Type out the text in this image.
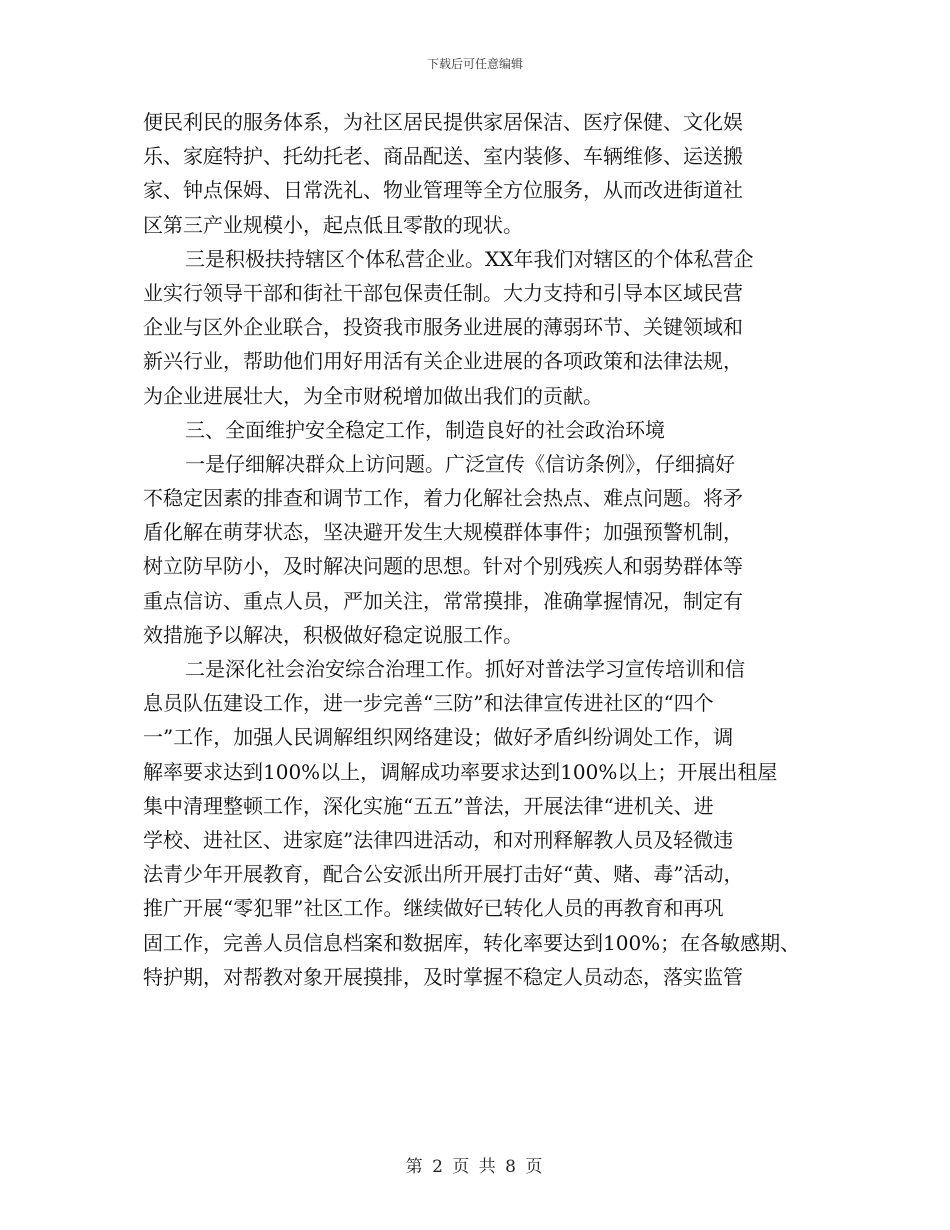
下载后可任意编辑
便民利民的服务体系，为社区居民提供家居保洁、医疗保健、文化娱
乐、家庭特护、托幼托老、商品配送、室内装修、车辆维修、运送搬
家、钟点保姆、日常洗礼、物业管理等全方位服务，从而改进街道社
区第三产业规模小，起点低且零散的现状。
三是积极扶持辖区个体私营企业。XX年我们对辖区的个体私营企
业实行领导干部和街社干部包保责任制。大力支持和引导本区域民营
企业与区外企业联合，投资我市服务业进展的薄弱环节、关键领域和
新兴行业，帮助他们用好用活有关企业进展的各项政策和法律法规，
为企业进展壮大，为全市财税增加做出我们的贡献。
三、全面维护安全稳定工作，制造良好的社会政治环境
一是仔细解决群众上访问题。广泛宣传《信访条例》，仔细搞好
不稳定因素的排查和调节工作，着力化解社会热点、难点问题。将矛
盾化解在萌芽状态，坚决避开发生大规模群体事件；加强预警机制，
树立防早防小，及时解决问题的思想。针对个别残疾人和弱势群体等
重点信访、重点人员，严加关注，常常摸排，准确掌握情况，制定有
效措施予以解决，积极做好稳定说服工作。
二是深化社会治安综合治理工作。抓好对普法学习宣传培训和信
息员队伍建设工作，进一步完善“三防”和法律宣传进社区的“四个
一”工作，加强人民调解组织网络建设；做好矛盾纠纷调处工作，调
解率要求达到100%以上，调解成功率要求达到100%以上；开展出租屋
集中清理整顿工作，深化实施“五五”普法，开展法律“进机关、进
学校、进社区、进家庭”法律四进活动，和对刑释解教人员及轻微违
法青少年开展教育，配合公安派出所开展打击好“黄、赌、毒”活动，
推广开展“零犯罪”社区工作。继续做好已转化人员的再教育和再巩
固工作，完善人员信息档案和数据库，转化率要达到100%；在各敏感期、
特护期，对帮教对象开展摸排，及时掌握不稳定人员动态，落实监管
第 2 页 共 8 页
